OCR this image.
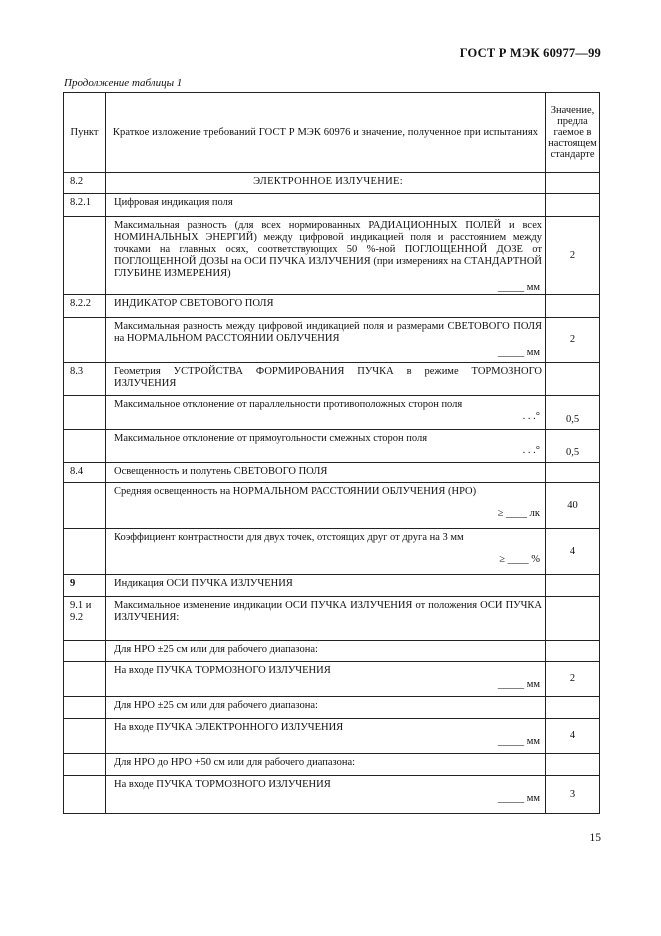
ГОСТ Р МЭК 60977—99
Продолжение таблицы 1
Пункт	Краткое изложение требований ГОСТ Р МЭК 60976 и значение, полученное при испытаниях	Значение, предла гаемое в настоящем стандарте
8.2	ЭЛЕКТРОННОЕ ИЗЛУЧЕНИЕ:	
8.2.1	Цифровая индикация поля	
	Максимальная разность (для всех нормированных РАДИАЦИОННЫХ ПОЛЕЙ и всех НОМИНАЛЬНЫХ ЭНЕРГИЙ) между цифровой индикацией поля и расстоянием между точками на главных осях, соответствующих 50 %-ной ПОГЛОЩЕННОЙ ДОЗЕ от ПОГЛОЩЕННОЙ ДОЗЫ на ОСИ ПУЧКА ИЗЛУЧЕНИЯ (при измерениях на СТАНДАРТНОЙ ГЛУБИНЕ ИЗМЕРЕНИЯ)
_____ мм	2
8.2.2	ИНДИКАТОР СВЕТОВОГО ПОЛЯ	
	Максимальная разность между цифровой индикацией поля и размерами СВЕТОВОГО ПОЛЯ на НОРМАЛЬНОМ РАССТОЯНИИ ОБЛУЧЕНИЯ
_____ мм	2
8.3	Геометрия УСТРОЙСТВА ФОРМИРОВАНИЯ ПУЧКА в режиме ТОРМОЗНОГО ИЗЛУЧЕНИЯ	
	Максимальное отклонение от параллельности противоположных сторон поля
. . .°	0,5
	Максимальное отклонение от прямоугольности смежных сторон поля
. . .°	0,5
8.4	Освещенность и полутень СВЕТОВОГО ПОЛЯ	
	Средняя освещенность на НОРМАЛЬНОМ РАССТОЯНИИ ОБЛУЧЕНИЯ (НРО)
≥ ____ лк	40
	Коэффициент контрастности для двух точек, отстоящих друг от друга на 3 мм
≥ ____ %	4
9	Индикация ОСИ ПУЧКА ИЗЛУЧЕНИЯ	
9.1 и 9.2	Максимальное изменение индикации ОСИ ПУЧКА ИЗЛУЧЕНИЯ от положения ОСИ ПУЧКА ИЗЛУЧЕНИЯ:	
	Для НРО ±25 см или для рабочего диапазона:	
	На входе ПУЧКА ТОРМОЗНОГО ИЗЛУЧЕНИЯ
_____ мм	2
	Для НРО ±25 см или для рабочего диапазона:	
	На входе ПУЧКА ЭЛЕКТРОННОГО ИЗЛУЧЕНИЯ
_____ мм	4
	Для НРО до НРО +50 см или для рабочего диапазона:	
	На входе ПУЧКА ТОРМОЗНОГО ИЗЛУЧЕНИЯ
_____ мм	3
15
